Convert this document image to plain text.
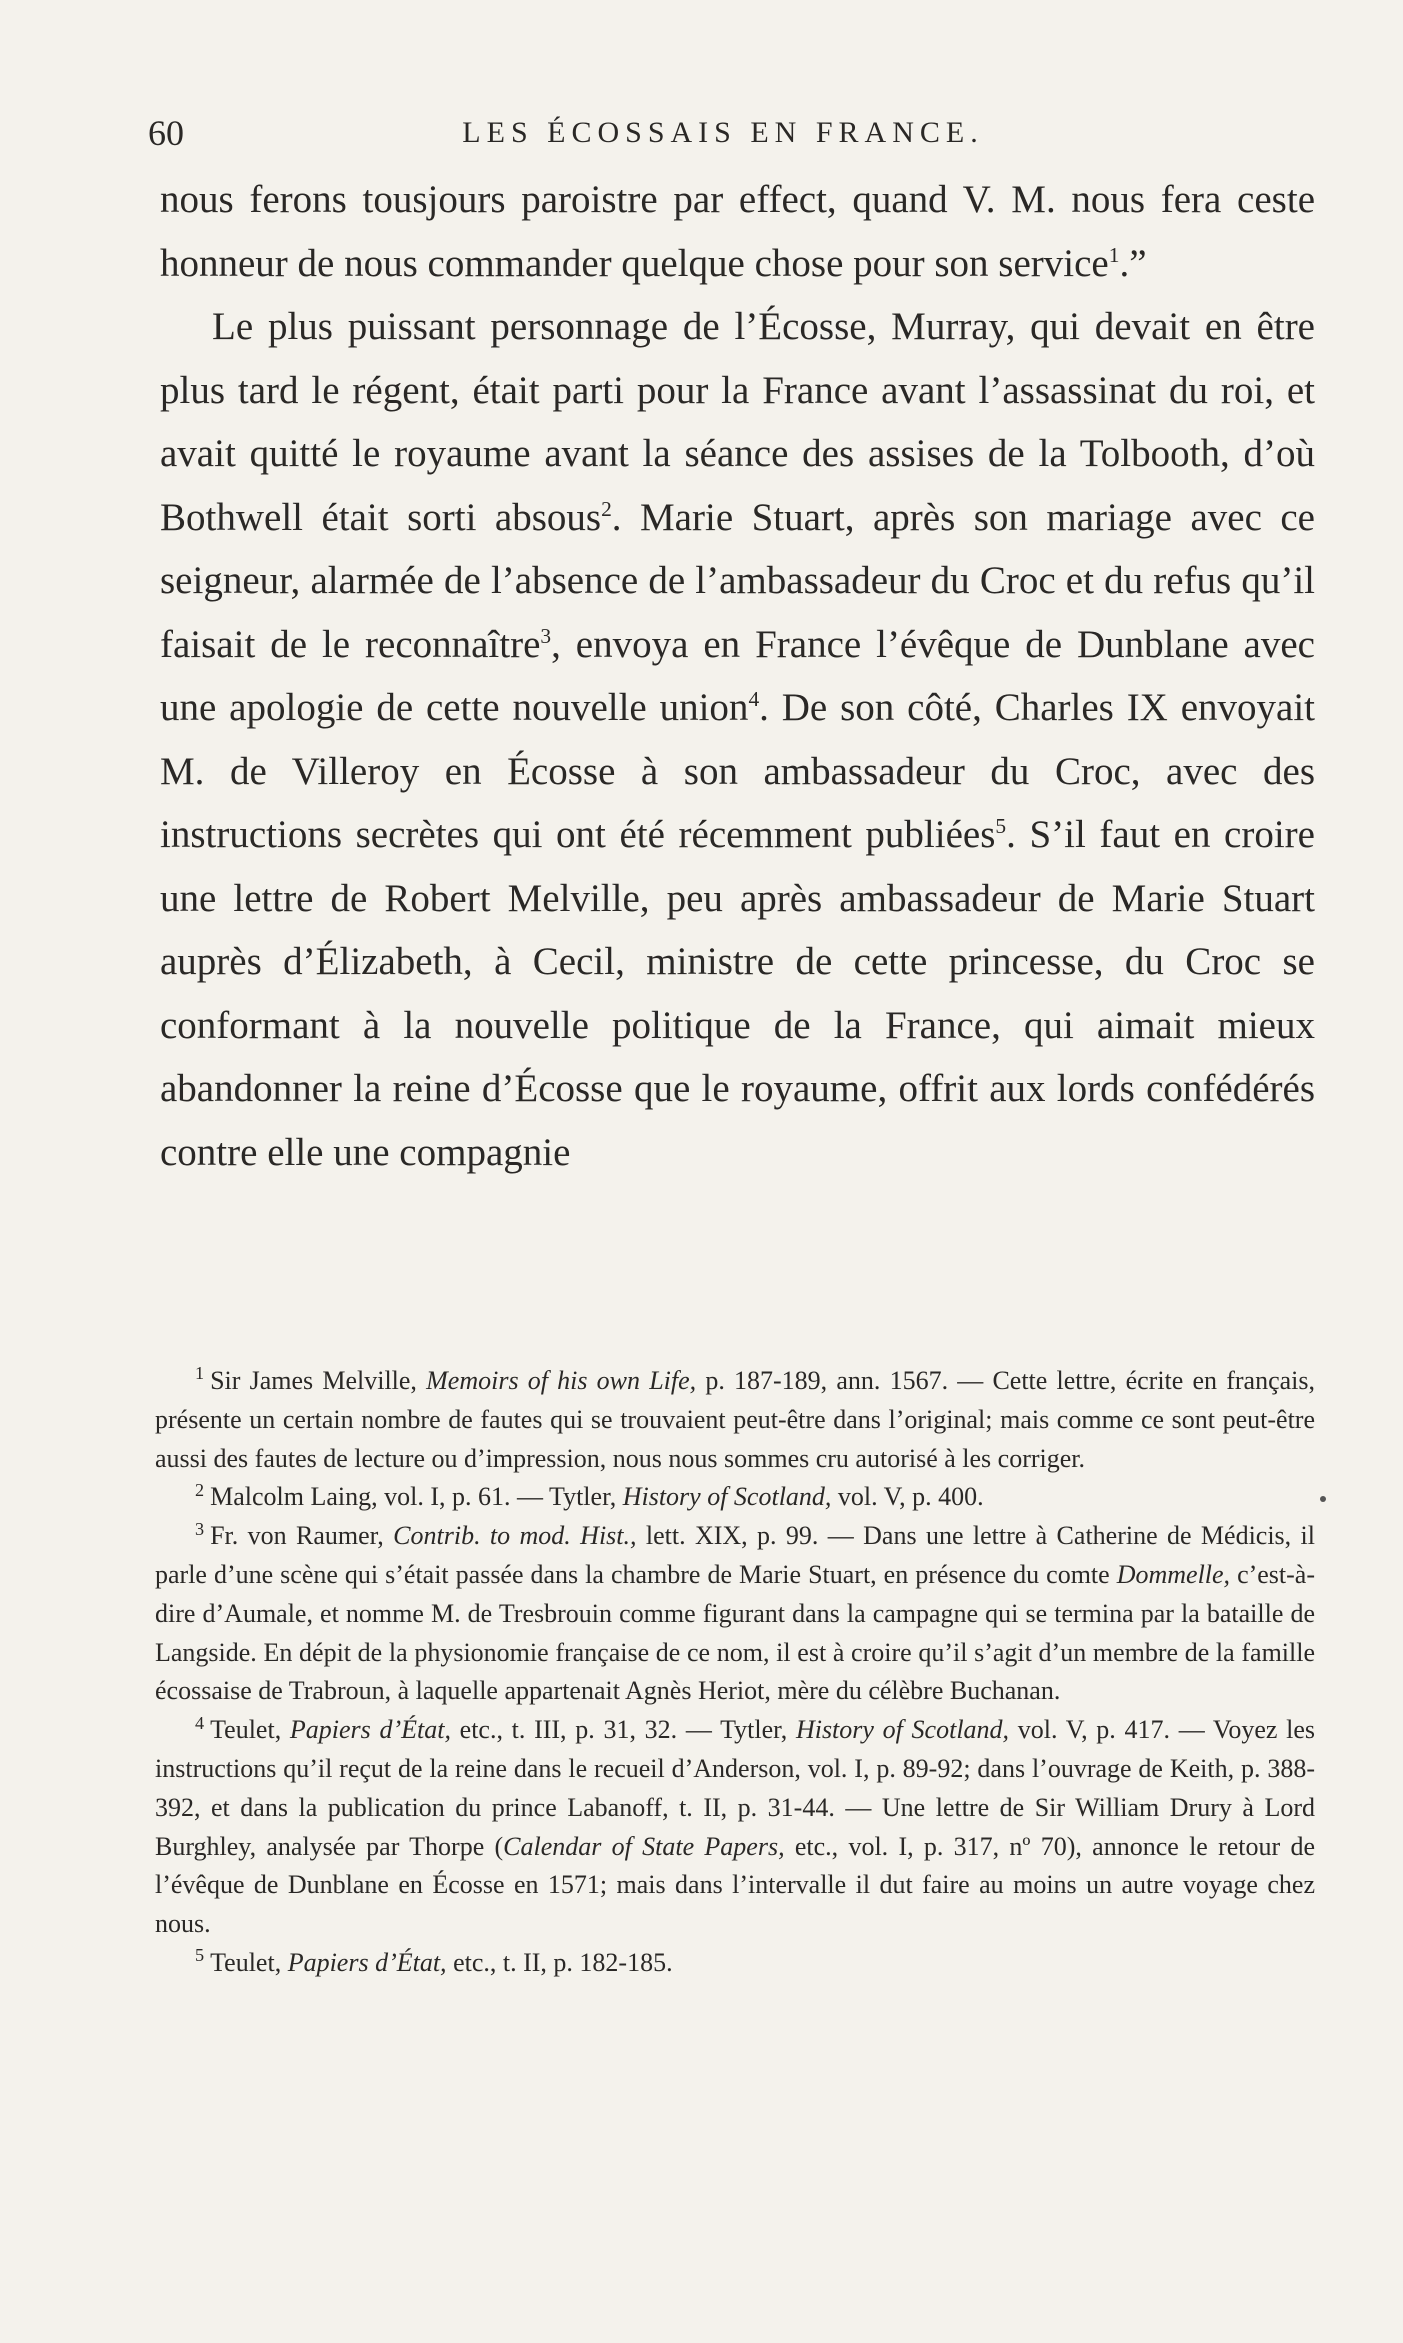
60	LES ÉCOSSAIS EN FRANCE.

nous ferons tousjours paroistre par effect, quand V. M. nous fera ceste honneur de nous commander quelque chose pour son service$^1$.”

Le plus puissant personnage de l’Écosse, Murray, qui devait en être plus tard le régent, était parti pour la France avant l’assassinat du roi, et avait quitté le royaume avant la séance des assises de la Tolbooth, d’où Bothwell était sorti absous$^2$. Marie Stuart, après son mariage avec ce seigneur, alarmée de l’absence de l’ambassadeur du Croc et du refus qu’il faisait de le reconnaître$^3$, envoya en France l’évêque de Dunblane avec une apologie de cette nouvelle union$^4$. De son côté, Charles IX envoyait M. de Villeroy en Écosse à son ambassadeur du Croc, avec des instructions secrètes qui ont été récemment publiées$^5$. S’il faut en croire une lettre de Robert Melville, peu après ambassadeur de Marie Stuart auprès d’Élizabeth, à Cecil, ministre de cette princesse, du Croc se conformant à la nouvelle politique de la France, qui aimait mieux abandonner la reine d’Écosse que le royaume, offrit aux lords confédérés contre elle une compagnie

$^1$ Sir James Melville, Memoirs of his own Life, p. 187-189, ann. 1567. — Cette lettre, écrite en français, présente un certain nombre de fautes qui se trouvaient peut-être dans l’original; mais comme ce sont peut-être aussi des fautes de lecture ou d’impression, nous nous sommes cru autorisé à les corriger.

$^2$ Malcolm Laing, vol. I, p. 61. — Tytler, History of Scotland, vol. V, p. 400.

$^3$ Fr. von Raumer, Contrib. to mod. Hist., lett. XIX, p. 99. — Dans une lettre à Catherine de Médicis, il parle d’une scène qui s’était passée dans la chambre de Marie Stuart, en présence du comte Dommelle, c’est-à-dire d’Aumale, et nomme M. de Tresbrouin comme figurant dans la campagne qui se termina par la bataille de Langside. En dépit de la physionomie française de ce nom, il est à croire qu’il s’agit d’un membre de la famille écossaise de Trabroun, à laquelle appartenait Agnès Heriot, mère du célèbre Buchanan.

$^4$ Teulet, Papiers d’État, etc., t. III, p. 31, 32. — Tytler, History of Scotland, vol. V, p. 417. — Voyez les instructions qu’il reçut de la reine dans le recueil d’Anderson, vol. I, p. 89-92; dans l’ouvrage de Keith, p. 388-392, et dans la publication du prince Labanoff, t. II, p. 31-44. — Une lettre de Sir William Drury à Lord Burghley, analysée par Thorpe (Calendar of State Papers, etc., vol. I, p. 317, nº 70), annonce le retour de l’évêque de Dunblane en Écosse en 1571; mais dans l’intervalle il dut faire au moins un autre voyage chez nous.

$^5$ Teulet, Papiers d’État, etc., t. II, p. 182-185.
